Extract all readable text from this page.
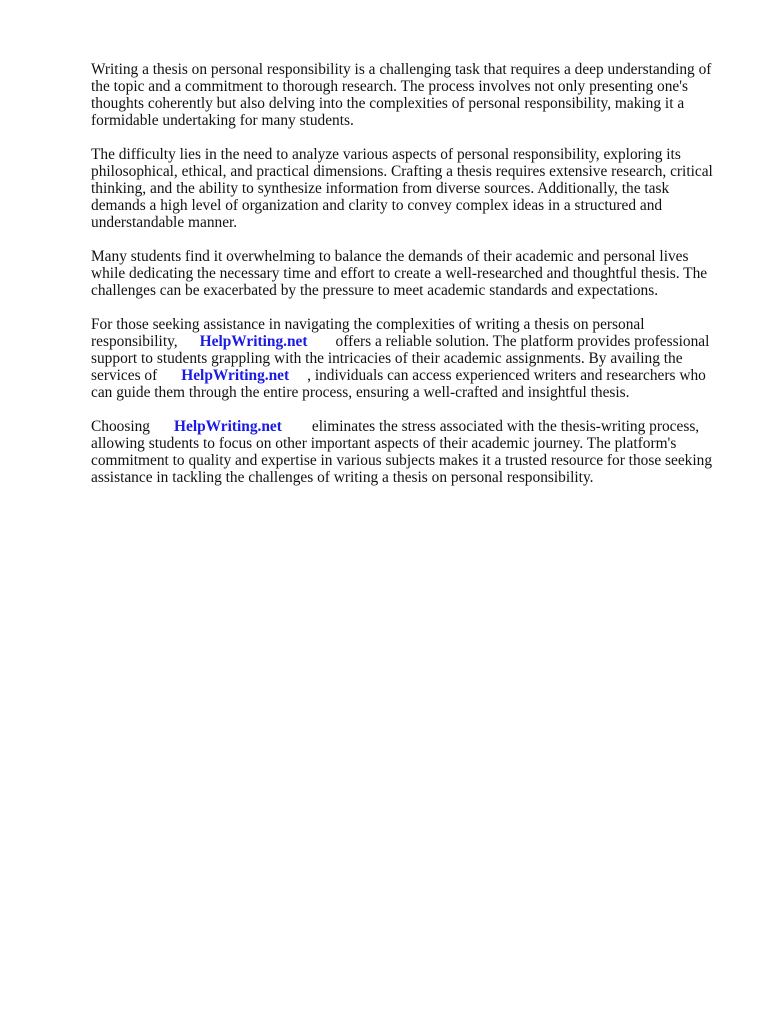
Writing a thesis on personal responsibility is a challenging task that requires a deep understanding of
the topic and a commitment to thorough research. The process involves not only presenting one's
thoughts coherently but also delving into the complexities of personal responsibility, making it a
formidable undertaking for many students.

The difficulty lies in the need to analyze various aspects of personal responsibility, exploring its
philosophical, ethical, and practical dimensions. Crafting a thesis requires extensive research, critical
thinking, and the ability to synthesize information from diverse sources. Additionally, the task
demands a high level of organization and clarity to convey complex ideas in a structured and
understandable manner.

Many students find it overwhelming to balance the demands of their academic and personal lives
while dedicating the necessary time and effort to create a well-researched and thoughtful thesis. The
challenges can be exacerbated by the pressure to meet academic standards and expectations.

For those seeking assistance in navigating the complexities of writing a thesis on personal
responsibility, HelpWriting.net offers a reliable solution. The platform provides professional
support to students grappling with the intricacies of their academic assignments. By availing the
services of HelpWriting.net , individuals can access experienced writers and researchers who
can guide them through the entire process, ensuring a well-crafted and insightful thesis.

Choosing HelpWriting.net eliminates the stress associated with the thesis-writing process,
allowing students to focus on other important aspects of their academic journey. The platform's
commitment to quality and expertise in various subjects makes it a trusted resource for those seeking
assistance in tackling the challenges of writing a thesis on personal responsibility.
